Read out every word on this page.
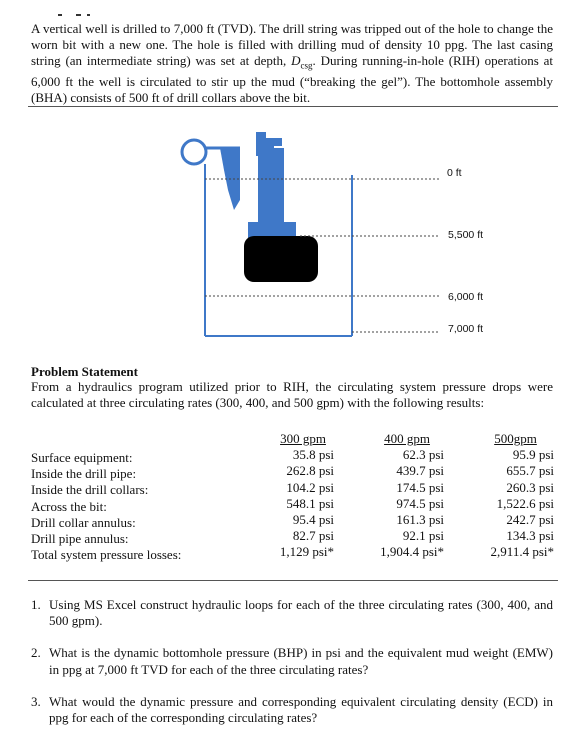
A vertical well is drilled to 7,000 ft (TVD). The drill string was tripped out of the hole to change the worn bit with a new one. The hole is filled with drilling mud of density 10 ppg. The last casing string (an intermediate string) was set at depth, $D_{csg}$. During running-in-hole (RIH) operations at 6,000 ft the well is circulated to stir up the mud (“breaking the gel”). The bottomhole assembly (BHA) consists of 500 ft of drill collars above the bit.
0 ft
5,500 ft
6,000 ft
7,000 ft
Problem Statement
From a hydraulics program utilized prior to RIH, the circulating system pressure drops were calculated at three circulating rates (300, 400, and 500 gpm) with the following results:
Surface equipment:
Inside the drill pipe:
Inside the drill collars:
Across the bit:
Drill collar annulus:
Drill pipe annulus:
Total system pressure losses:
300 gpm
35.8 psi
262.8 psi
104.2 psi
548.1 psi
95.4 psi
82.7 psi
1,129 psi*
400 gpm
62.3 psi
439.7 psi
174.5 psi
974.5 psi
161.3 psi
92.1 psi
1,904.4 psi*
500gpm
95.9 psi
655.7 psi
260.3 psi
1,522.6 psi
242.7 psi
134.3 psi
2,911.4 psi*
1. Using MS Excel construct hydraulic loops for each of the three circulating rates (300, 400, and 500 gpm).
2. What is the dynamic bottomhole pressure (BHP) in psi and the equivalent mud weight (EMW) in ppg at 7,000 ft TVD for each of the three circulating rates?
3. What would the dynamic pressure and corresponding equivalent circulating density (ECD) in ppg for each of the corresponding circulating rates?
